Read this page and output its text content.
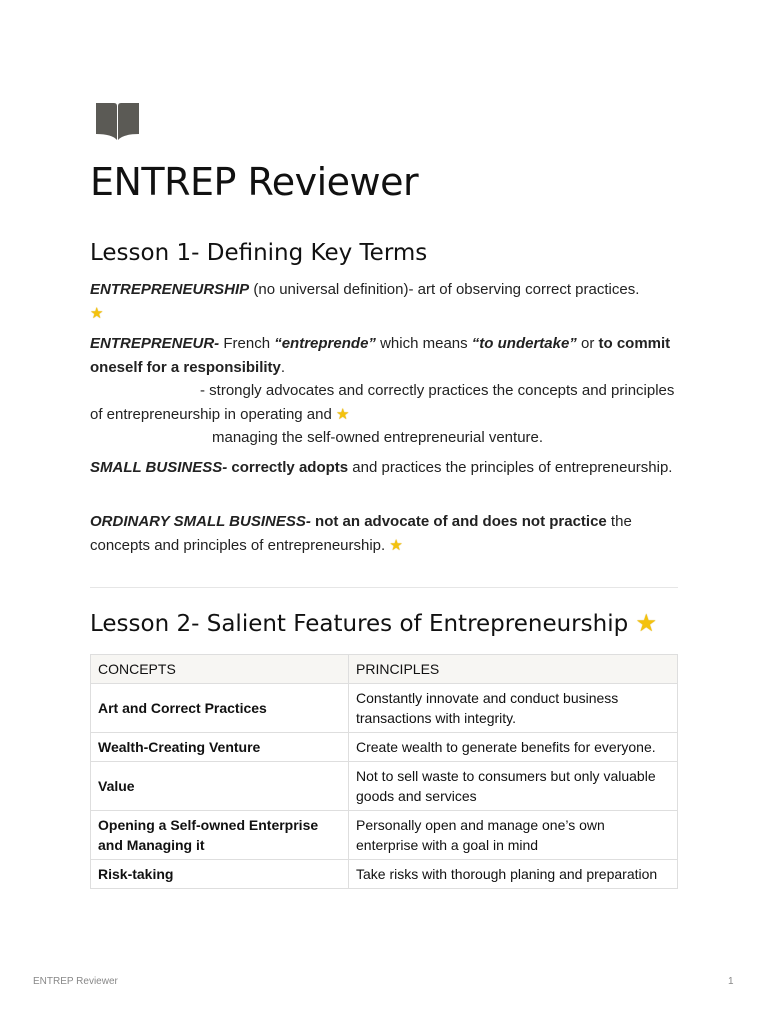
ENTREP Reviewer
Lesson 1- Defining Key Terms

ENTREPRENEURSHIP (no universal definition)- art of observing correct practices.
★

ENTREPRENEUR- French “entreprende” which means “to undertake” or to commit oneself for a responsibility.
- strongly advocates and correctly practices the concepts and principles of entrepreneurship in operating and ★
managing the self-owned entrepreneurial venture.

SMALL BUSINESS- correctly adopts and practices the principles of entrepreneurship.

ORDINARY SMALL BUSINESS- not an advocate of and does not practice the concepts and principles of entrepreneurship. ★

Lesson 2- Salient Features of Entrepreneurship ★
CONCEPTS	PRINCIPLES
Art and Correct Practices	Constantly innovate and conduct business transactions with integrity.
Wealth-Creating Venture	Create wealth to generate benefits for everyone.
Value	Not to sell waste to consumers but only valuable goods and services
Opening a Self-owned Enterprise and Managing it	Personally open and manage one’s own enterprise with a goal in mind
Risk-taking	Take risks with thorough planing and preparation
ENTREP Reviewer	1
